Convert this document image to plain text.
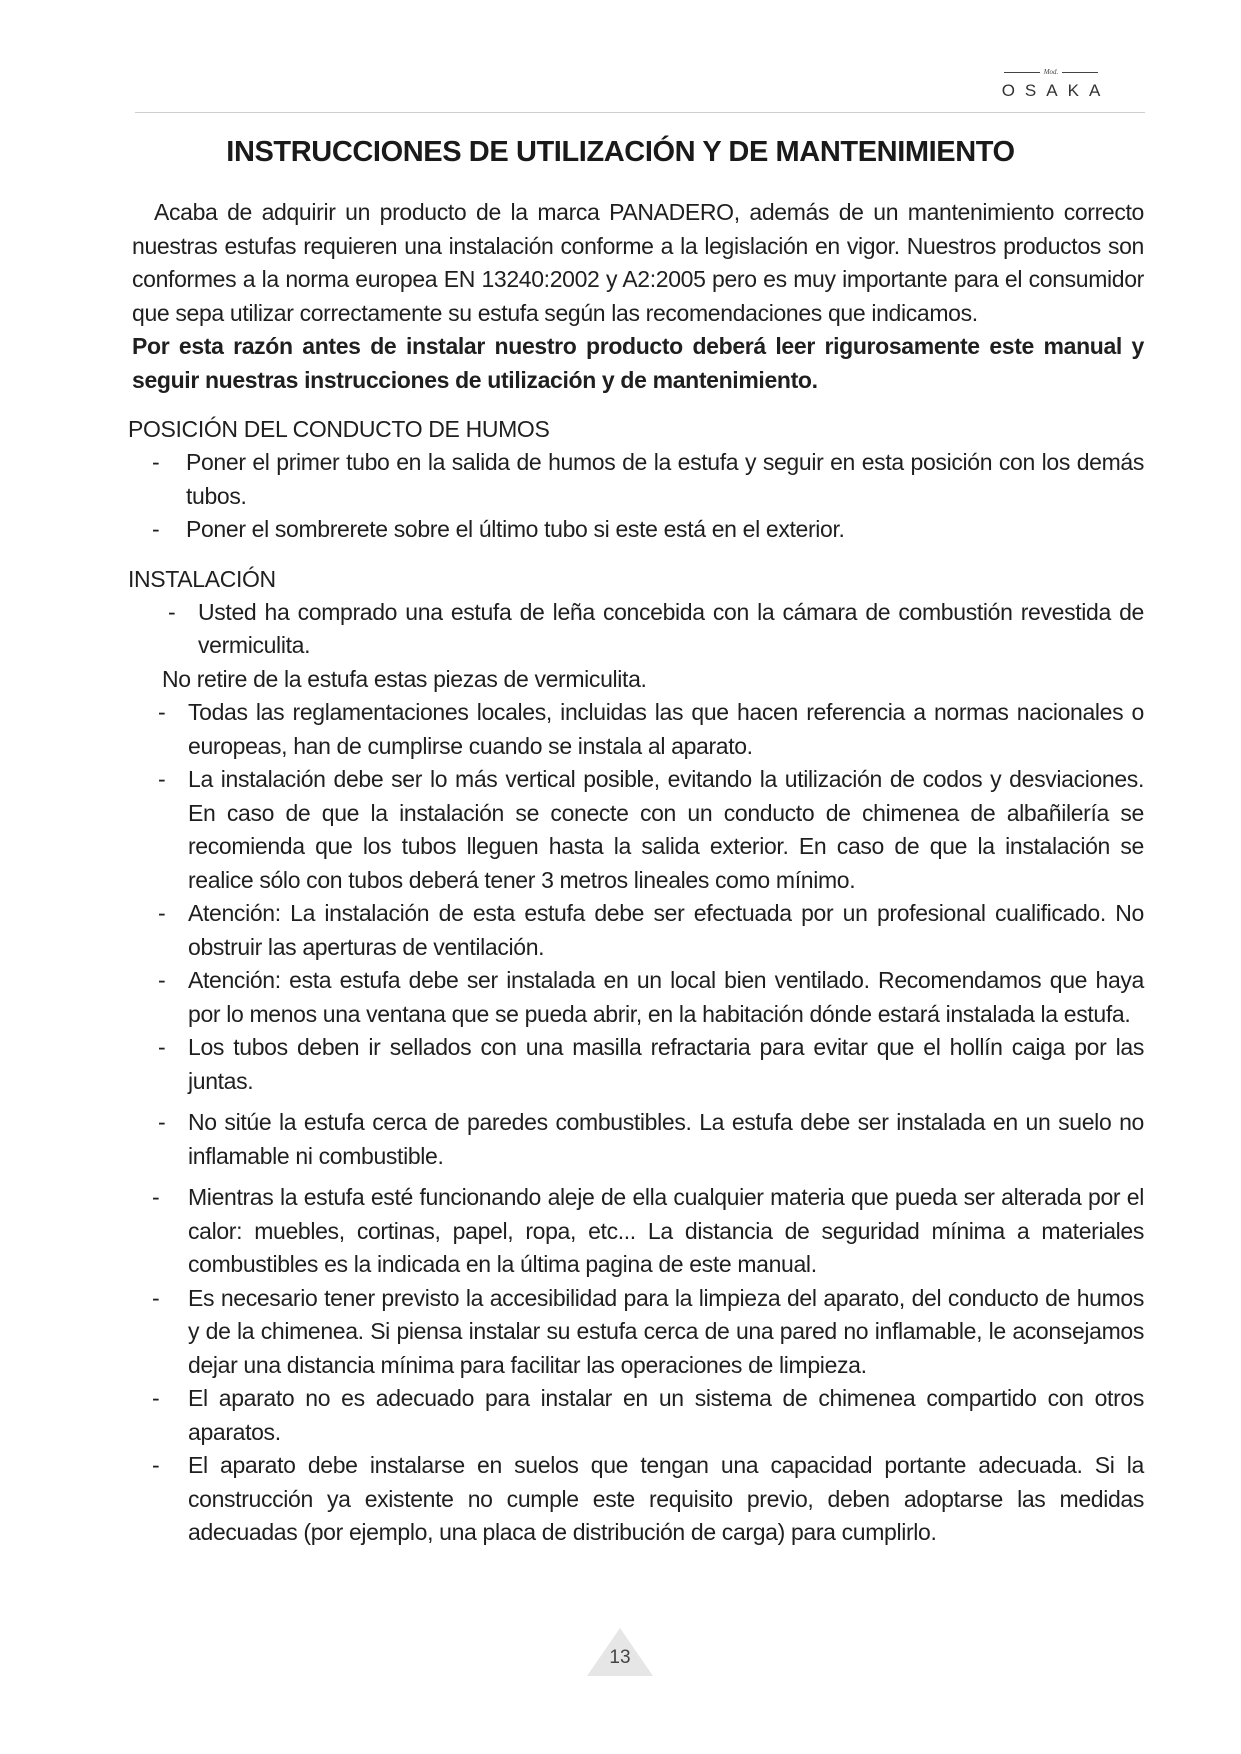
Mod.
OSAKA
INSTRUCCIONES DE UTILIZACIÓN Y DE MANTENIMIENTO

Acaba de adquirir un producto de la marca PANADERO, además de un mantenimiento correcto nuestras estufas requieren una instalación conforme a la legislación en vigor. Nuestros productos son conformes a la norma europea EN 13240:2002 y A2:2005 pero es muy importante para el consumidor que sepa utilizar correctamente su estufa según las recomendaciones que indicamos.

Por esta razón antes de instalar nuestro producto deberá leer rigurosamente este manual y seguir nuestras instrucciones de utilización y de mantenimiento.

POSICIÓN DEL CONDUCTO DE HUMOS

- Poner el primer tubo en la salida de humos de la estufa y seguir en esta posición con los demás tubos.

- Poner el sombrerete sobre el último tubo si este está en el exterior.

INSTALACIÓN

- Usted ha comprado una estufa de leña concebida con la cámara de combustión revestida de vermiculita.

No retire de la estufa estas piezas de vermiculita.

- Todas las reglamentaciones locales, incluidas las que hacen referencia a normas nacionales o europeas, han de cumplirse cuando se instala al aparato.

- La instalación debe ser lo más vertical posible, evitando la utilización de codos y desviaciones. En caso de que la instalación se conecte con un conducto de chimenea de albañilería se recomienda que los tubos lleguen hasta la salida exterior. En caso de que la instalación se realice sólo con tubos deberá tener 3 metros lineales como mínimo.

- Atención: La instalación de esta estufa debe ser efectuada por un profesional cualificado. No obstruir las aperturas de ventilación.

- Atención: esta estufa debe ser instalada en un local bien ventilado. Recomendamos que haya por lo menos una ventana que se pueda abrir, en la habitación dónde estará instalada la estufa.

- Los tubos deben ir sellados con una masilla refractaria para evitar que el hollín caiga por las juntas.

- No sitúe la estufa cerca de paredes combustibles. La estufa debe ser instalada en un suelo no inflamable ni combustible.

- Mientras la estufa esté funcionando aleje de ella cualquier materia que pueda ser alterada por el calor: muebles, cortinas, papel, ropa, etc... La distancia de seguridad mínima a materiales combustibles es la indicada en la última pagina de este manual.

- Es necesario tener previsto la accesibilidad para la limpieza del aparato, del conducto de humos y de la chimenea. Si piensa instalar su estufa cerca de una pared no inflamable, le aconsejamos dejar una distancia mínima para facilitar las operaciones de limpieza.

- El aparato no es adecuado para instalar en un sistema de chimenea compartido con otros aparatos.

- El aparato debe instalarse en suelos que tengan una capacidad portante adecuada. Si la construcción ya existente no cumple este requisito previo, deben adoptarse las medidas adecuadas (por ejemplo, una placa de distribución de carga) para cumplirlo.

13
